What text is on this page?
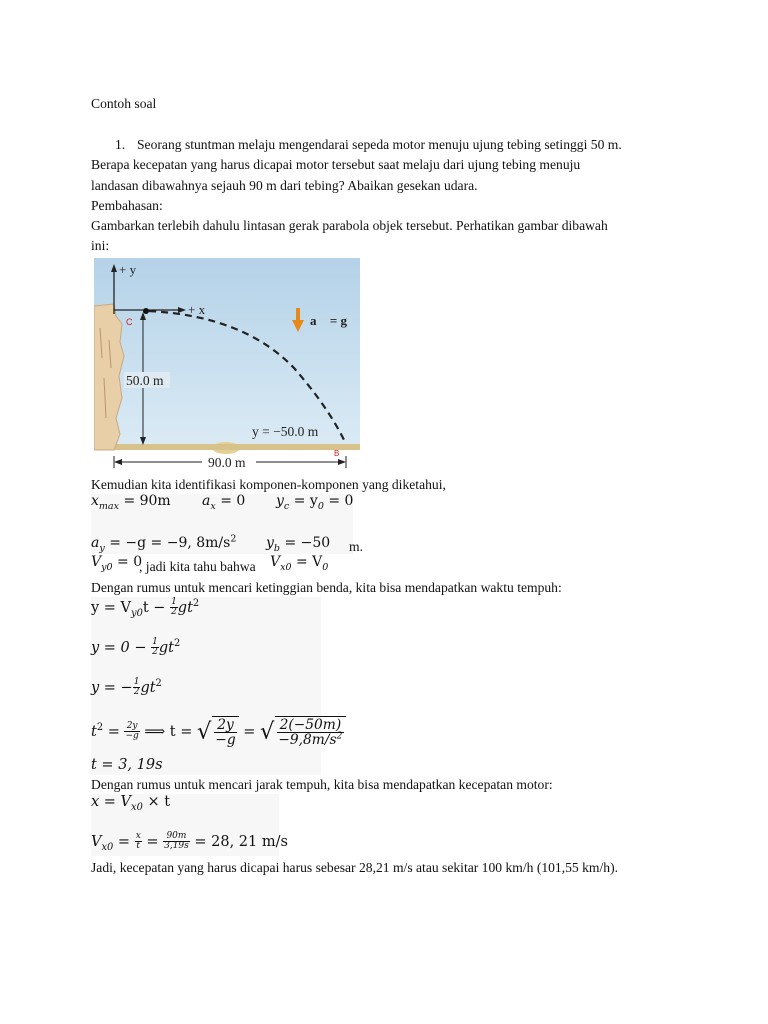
Contoh soal
1. Seorang stuntman melaju mengendarai sepeda motor menuju ujung tebing setinggi 50 m.
Berapa kecepatan yang harus dicapai motor tersebut saat melaju dari ujung tebing menuju
landasan dibawahnya sejauh 90 m dari tebing? Abaikan gesekan udara.
Pembahasan:
Gambarkan terlebih dahulu lintasan gerak parabola objek tersebut. Perhatikan gambar dibawah
ini:
+ y
+ x
C
50.0 m
a⃗ = g⃗
y = −50.0 m
B
90.0 m
Kemudian kita identifikasi komponen-komponen yang diketahui,
$x_{max} = 90m$ $a_x = 0$ $y_c = y_0 = 0$
$a_y = -g = -9$, $8m/s^2$ $y_b = -50$ m.
$V_{y0} = 0$
, jadi kita tahu bahwa $V_{x0} = V_0$
Dengan rumus untuk mencari ketinggian benda, kita bisa mendapatkan waktu tempuh:
$y = V_{y0}t - \frac{1}{2} gt^2$
$y = 0 - \frac{1}{2} gt^2$
y = − $\frac{1}{2} gt^2$
$t^2 = \frac{2y}{-g}$ ⟹ t = √ $\frac{2y}{-g}$ = √ $\frac{2(-50m)}{-9,8m/s^2}$
t = 3, 19s
Dengan rumus untuk mencari jarak tempuh, kita bisa mendapatkan kecepatan motor:
$x = V_{x0} \times t$
$V_{x0} = \frac{x}{t} = \frac{90m}{3,19s} = 28$, 21 m/s
Jadi, kecepatan yang harus dicapai harus sebesar 28,21 m/s atau sekitar 100 km/h (101,55 km/h).
